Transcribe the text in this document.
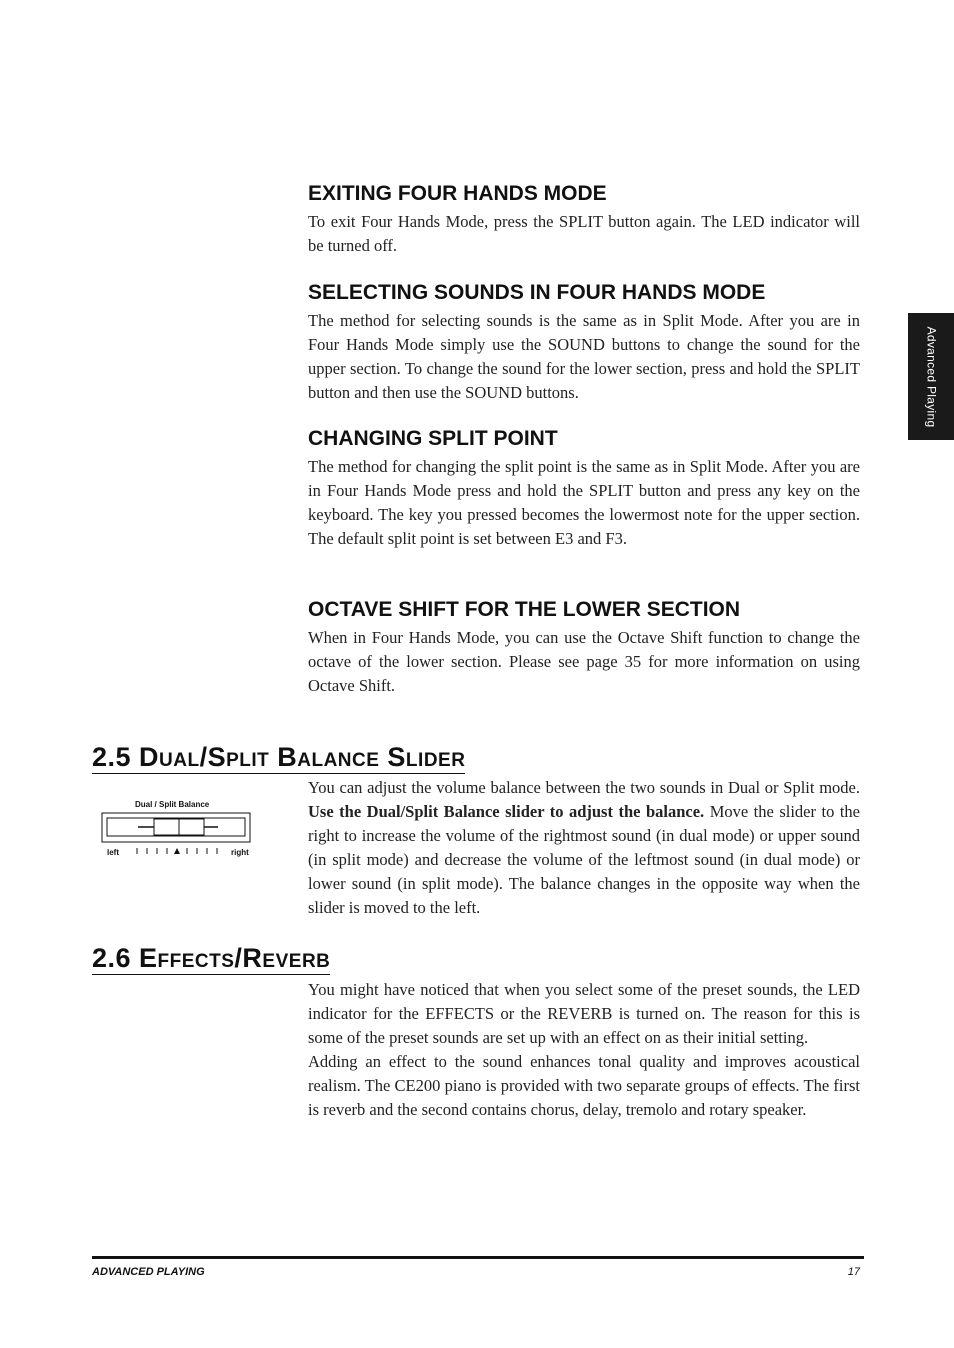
Advanced Playing
EXITING FOUR HANDS MODE

To exit Four Hands Mode, press the SPLIT button again. The LED indicator will be turned off.

SELECTING SOUNDS IN FOUR HANDS MODE

The method for selecting sounds is the same as in Split Mode. After you are in Four Hands Mode simply use the SOUND buttons to change the sound for the upper section. To change the sound for the lower section, press and hold the SPLIT button and then use the SOUND buttons.

CHANGING SPLIT POINT

The method for changing the split point is the same as in Split Mode. After you are in Four Hands Mode press and hold the SPLIT button and press any key on the keyboard. The key you pressed becomes the lowermost note for the upper section. The default split point is set between E3 and F3.

OCTAVE SHIFT FOR THE LOWER SECTION

When in Four Hands Mode, you can use the Octave Shift function to change the octave of the lower section. Please see page 35 for more information on using Octave Shift.

2.5 Dual/Split Balance Slider
Dual / Split Balance
left	right

You can adjust the volume balance between the two sounds in Dual or Split mode. Use the Dual/Split Balance slider to adjust the balance. Move the slider to the right to increase the volume of the rightmost sound (in dual mode) or upper sound (in split mode) and decrease the volume of the leftmost sound (in dual mode) or lower sound (in split mode). The balance changes in the opposite way when the slider is moved to the left.

2.6 Effects/Reverb

You might have noticed that when you select some of the preset sounds, the LED indicator for the EFFECTS or the REVERB is turned on. The reason for this is some of the preset sounds are set up with an effect on as their initial setting.

Adding an effect to the sound enhances tonal quality and improves acoustical realism. The CE200 piano is provided with two separate groups of effects. The first is reverb and the second contains chorus, delay, tremolo and rotary speaker.

ADVANCED PLAYING	17
